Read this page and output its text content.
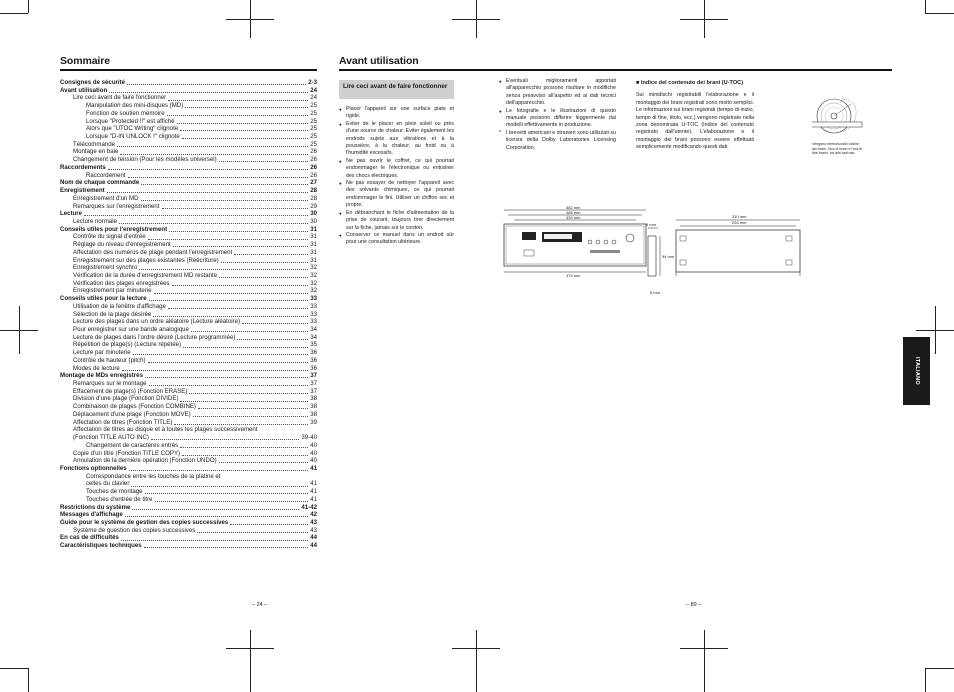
Sommaire
Consignes de sécurité	2-3
Avant utilisation	24
Lire ceci avant de faire fonctionner	24
Manipulation des mini-disques (MD)	25
Fonction de soutien mémoire	25
Lorsque "Protected !!" est affiché	25
Alors que "UTOC Writing" clignote	25
Lorsque "D-IN UNLOCK !" clignote	25
Télécommande	25
Montage en baie	26
Changement de tension (Pour les modèles universel)	26
Raccordements	26
Raccordement	26
Nom de chaque commande	27
Enregistrement	28
Enregistrement d'un MD	28
Remarques sur l'enregistrement	29
Lecture	30
Lecture normale	30
Conseils utiles pour l'enregistrement	31
Contrôle du signal d'entrée	31
Réglage du niveau d'enregistrement	31
Affectation des numéros de plage pendant l'enregistrement	31
Enregistrement sur des plages existantes (Réécriture)	31
Enregistrement synchro	32
Vérification de la durée d'enregistrement MD restante	32
Vérification des plages enregistrées	32
Enregistrement par minuterie	32
Conseils utiles pour la lecture	33
Utilisation de la fenêtre d'affichage	33
Sélection de la plage désirée	33
Lecture des plages dans un ordre aléatoire (Lecture aléatoire)	33
Pour enregistrer sur une bande analogique	34
Lecture de plages dans l'ordre désiré (Lecture programmée)	34
Répétition de plage(s) (Lecture répétée)	35
Lecture par minuterie	36
Contrôle de hauteur (pitch)	36
Modes de lecture	36
Montage de MDs enregistrés	37
Remarques sur le montage	37
Effacement de plage(s) (Fonction ERASE)	37
Division d'une plage (Fonction DIVIDE)	38
Combinaison de plages (Fonction COMBINE)	38
Déplacement d'une plage (Fonction MOVE)	38
Affectation de titres (Fonction TITLE)	39
Affectation de titres au disque et à toutes les plages successivement
(Fonction TITLE AUTO INC)	39-40
Changement de caractères entrés	40
Copie d'un titre (Fonction TITLE COPY)	40
Annulation de la dernière opération (Fonction UNDO)	40
Fonctions optionnelles	41
Correspondance entre les touches de la platine et
celles du clavier	41
Touches de montage	41
Touches d'entrée de titre	41
Restrictions du système	41-42
Messages d'affichage	42
Guide pour le système de gestion des copies successives	43
Système de guestion des copies successives	43
En cas de difficultés	44
Caractéristiques techniques	44
– 24 –
Avant utilisation
Lire ceci avant de faire fonctionner

● Placer l'appareil sur une surface plate et rigide.

● Eviter de le placer en plein soleil ou près d'une source de chaleur. Eviter également les endroits sujets aux vibrations et à la poussière, à la chaleur, au froid ou à l'humidité excessifs.

● Ne pas ouvrir le coffret, ce qui pourrait endommager le l'électronique ou entraîner des chocs électriques.

● Ne pas essayer de nettoyer l'appareil avec des solvants chimiques, ce qui pourrait endommager le fini. Utiliser un chiffon sec et propre.

● En débranchant le fiche d'alimentation de la prise de courant, toujours tirer directement sur la fiche, jamais sur le cordon.

● Conserver ce manuel dans un endroit sûr pour une consultation ultérieure.

● Eventuali miglioramenti apportati all'apparecchio possono risultare in modifiche senza preavviso all'aspetto ed ai dati tecnici dell'apparecchio.

● Le fotografie e le illustrazioni di questo manuale possono differire leggermente dai modelli effettivamente in produzione.

* I brevetti americani e stranieri sono utilizzati su licenza della Dolby Laboratories Licensing Corporation.

■ Indice del contenuto dei brani (U-TOC)

Sui minidischi registrabili l'elaborazione e il montaggio dei brani registrati sono molto semplici. Le informazioni sui brani registrati (tempo di inizio, tempo di fine, titolo, ecc.) vengono registrate nella zona denominata U-TOC (Indice del contenuto registrato dall'utente). L'elaborazione e il montaggio dei brani possono essere effettuati semplicemente modificando questi dati.

Vengono memorizzati l'ordine dei brani, l'ora di inizio e l'ora di fine brano, ed altri dati vari.
482 mm
465 mm
434 mm
474 mm
9 mm
94 mm
6 mm
310 mm
294 mm
– 89 –
ITALIANO
